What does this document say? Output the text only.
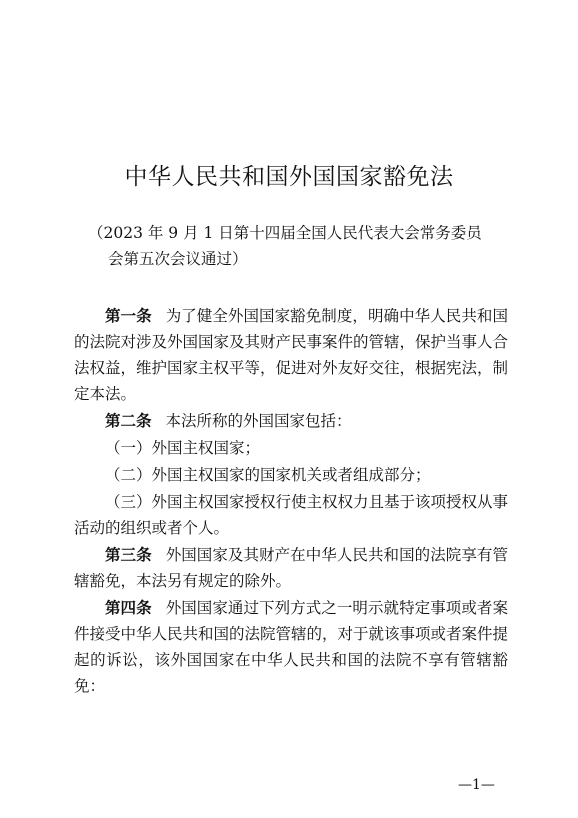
中华人民共和国外国国家豁免法

（2023 年 9 月 1 日第十四届全国人民代表大会常务委员
会第五次会议通过）

第一条 为了健全外国国家豁免制度，明确中华人民共和国的法院对涉及外国国家及其财产民事案件的管辖，保护当事人合法权益，维护国家主权平等，促进对外友好交往，根据宪法，制定本法。

第二条 本法所称的外国国家包括：

（一）外国主权国家；

（二）外国主权国家的国家机关或者组成部分；

（三）外国主权国家授权行使主权权力且基于该项授权从事活动的组织或者个人。

第三条 外国国家及其财产在中华人民共和国的法院享有管辖豁免，本法另有规定的除外。

第四条 外国国家通过下列方式之一明示就特定事项或者案件接受中华人民共和国的法院管辖的，对于就该事项或者案件提起的诉讼，该外国国家在中华人民共和国的法院不享有管辖豁免：

—1—
